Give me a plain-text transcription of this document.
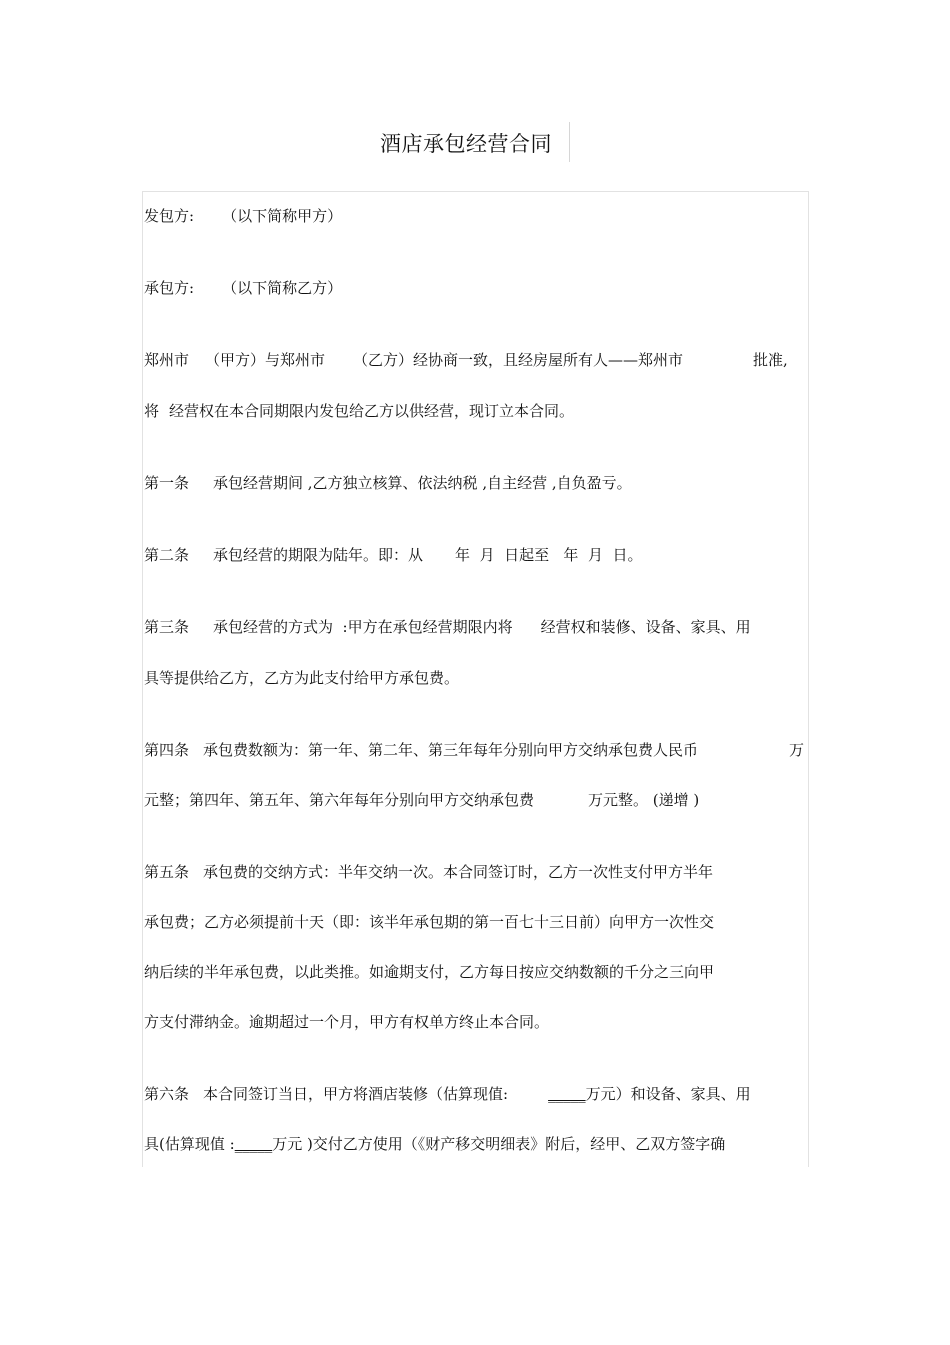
酒店承包经营合同
发包方: （以下简称甲方）
承包方: （以下简称乙方）
郑州市 （甲方）与郑州市 （乙方）经协商一致，且经房屋所有人——郑州市	批准,
将 经营权在本合同期限内发包给乙方以供经营，现订立本合同。
第一条 承包经营期间 ,乙方独立核算、依法纳税 ,自主经营 ,自负盈亏。
第二条 承包经营的期限为陆年。即：从 年  月  日起至   年  月  日。
第三条 承包经营的方式为  :甲方在承包经营期限内将 经营权和装修、设备、家具、用
具等提供给乙方，乙方为此支付给甲方承包费。
第四条 承包费数额为：第一年、第二年、第三年每年分别向甲方交纳承包费人民币	万
元整；第四年、第五年、第六年每年分别向甲方交纳承包费	万元整。 (递增 )
第五条 承包费的交纳方式：半年交纳一次。本合同签订时，乙方一次性支付甲方半年
承包费；乙方必须提前十天（即：该半年承包期的第一百七十三日前）向甲方一次性交
纳后续的半年承包费，以此类推。如逾期支付，乙方每日按应交纳数额的千分之三向甲
方支付滞纳金。逾期超过一个月，甲方有权单方终止本合同。
第六条 本合同签订当日，甲方将酒店装修（估算现值:	_____万元）和设备、家具、用
具(估算现值 :_____万元 )交付乙方使用（《财产移交明细表》附后，经甲、乙双方签字确
